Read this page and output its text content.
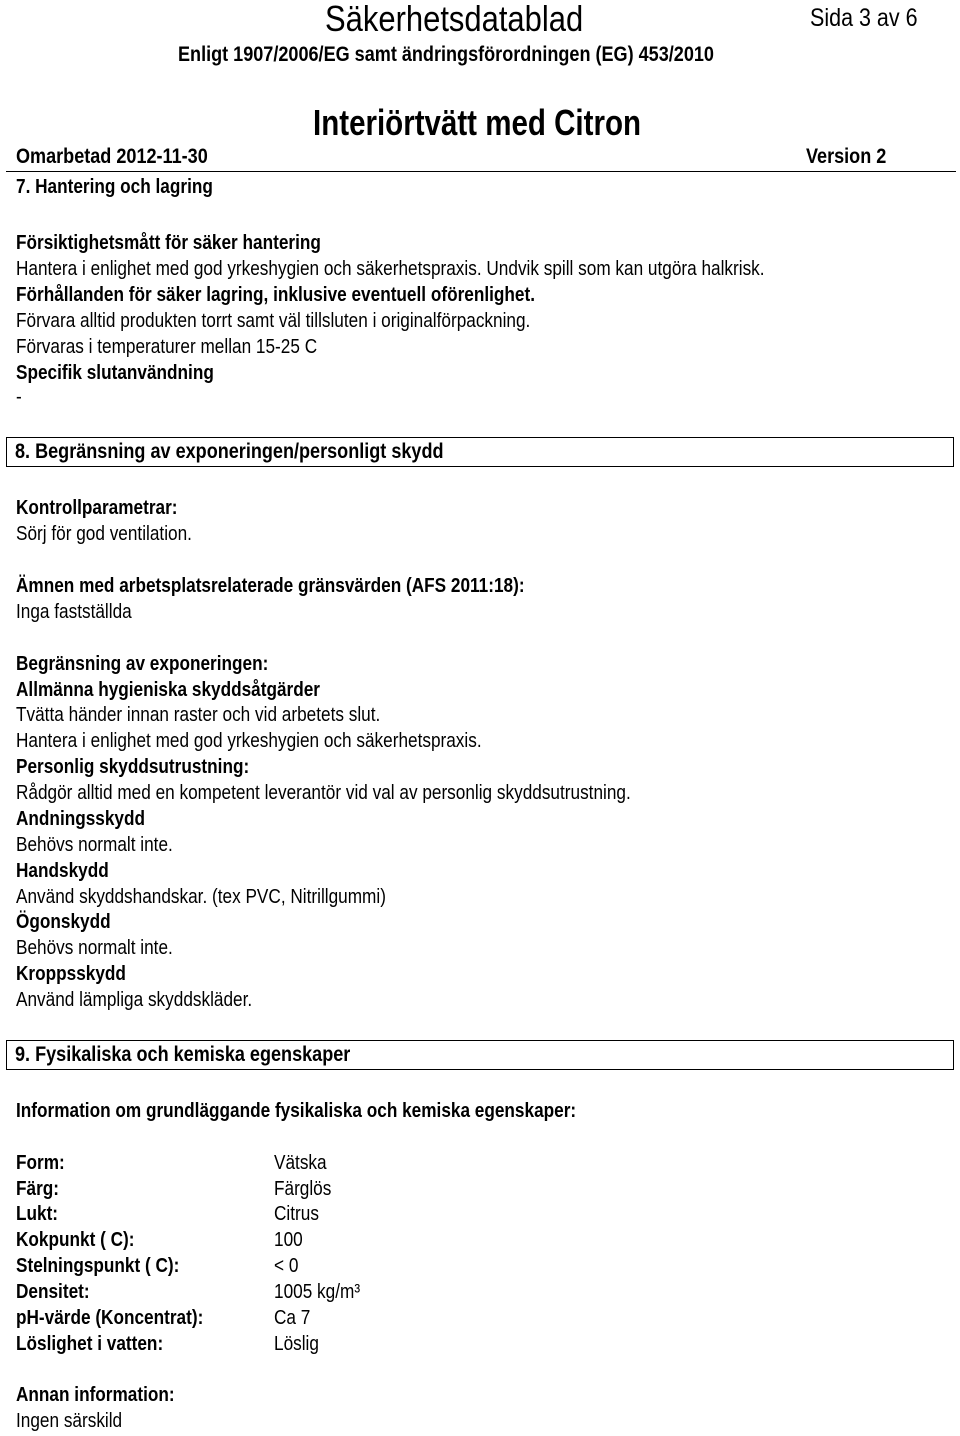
Säkerhetsdatablad	Sida 3 av 6
Enligt 1907/2006/EG samt ändringsförordningen (EG) 453/2010
Interiörtvätt med Citron
Omarbetad 2012-11-30	Version 2
7. Hantering och lagring
Försiktighetsmått för säker hantering
Hantera i enlighet med god yrkeshygien och säkerhetspraxis. Undvik spill som kan utgöra halkrisk.
Förhållanden för säker lagring, inklusive eventuell oförenlighet.
Förvara alltid produkten torrt samt väl tillsluten i originalförpackning.
Förvaras i temperaturer mellan 15-25 C
Specifik slutanvändning
-
8. Begränsning av exponeringen/personligt skydd
Kontrollparametrar:
Sörj för god ventilation.
Ämnen med arbetsplatsrelaterade gränsvärden (AFS 2011:18):
Inga fastställda
Begränsning av exponeringen:
Allmänna hygieniska skyddsåtgärder
Tvätta händer innan raster och vid arbetets slut.
Hantera i enlighet med god yrkeshygien och säkerhetspraxis.
Personlig skyddsutrustning:
Rådgör alltid med en kompetent leverantör vid val av personlig skyddsutrustning.
Andningsskydd
Behövs normalt inte.
Handskydd
Använd skyddshandskar. (tex PVC, Nitrillgummi)
Ögonskydd
Behövs normalt inte.
Kroppsskydd
Använd lämpliga skyddskläder.
9. Fysikaliska och kemiska egenskaper
Information om grundläggande fysikaliska och kemiska egenskaper:
Form:	Vätska
Färg:	Färglös
Lukt:	Citrus
Kokpunkt ( C):	100
Stelningspunkt ( C):	< 0
Densitet:	1005 kg/m³
pH-värde (Koncentrat):	Ca 7
Löslighet i vatten:	Löslig
Annan information:
Ingen särskild
